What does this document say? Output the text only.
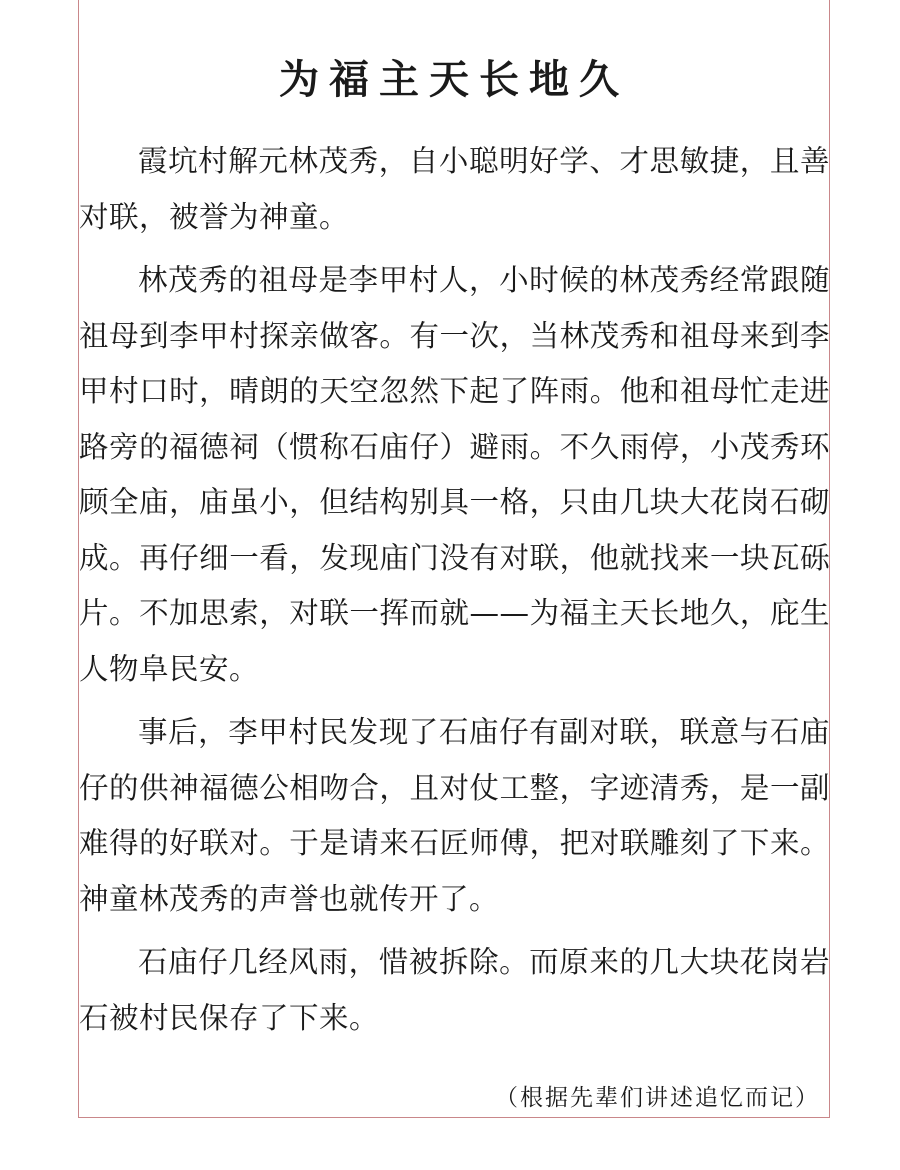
为福主天长地久

霞坑村解元林茂秀，自小聪明好学、才思敏捷，且善对联，被誉为神童。

林茂秀的祖母是李甲村人，小时候的林茂秀经常跟随祖母到李甲村探亲做客。有一次，当林茂秀和祖母来到李甲村口时，晴朗的天空忽然下起了阵雨。他和祖母忙走进路旁的福德祠（惯称石庙仔）避雨。不久雨停，小茂秀环顾全庙，庙虽小，但结构别具一格，只由几块大花岗石砌成。再仔细一看，发现庙门没有对联，他就找来一块瓦砾片。不加思索，对联一挥而就——为福主天长地久，庇生人物阜民安。

事后，李甲村民发现了石庙仔有副对联，联意与石庙仔的供神福德公相吻合，且对仗工整，字迹清秀，是一副难得的好联对。于是请来石匠师傅，把对联雕刻了下来。神童林茂秀的声誉也就传开了。

石庙仔几经风雨，惜被拆除。而原来的几大块花岗岩石被村民保存了下来。

（根据先辈们讲述追忆而记）
